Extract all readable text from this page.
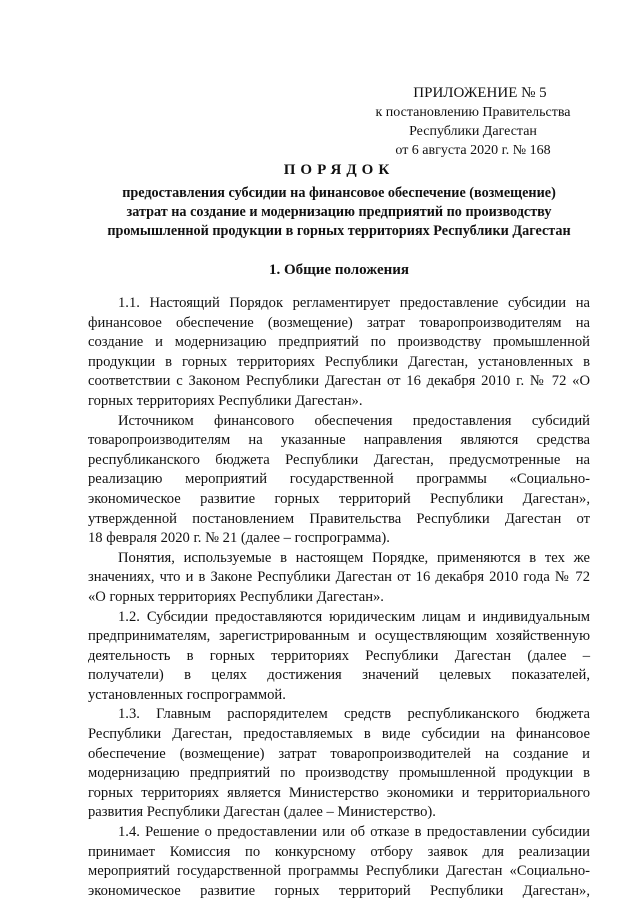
ПРИЛОЖЕНИЕ № 5
к постановлению Правительства
Республики Дагестан
от 6 августа 2020 г. № 168
ПОРЯДОК
предоставления субсидии на финансовое обеспечение (возмещение)
затрат на создание и модернизацию предприятий по производству
промышленной продукции в горных территориях Республики Дагестан
1. Общие положения
1.1. Настоящий Порядок регламентирует предоставление субсидии на
финансовое обеспечение (возмещение) затрат товаропроизводителям на
создание и модернизацию предприятий по производству промышленной
продукции в горных территориях Республики Дагестан, установленных в
соответствии с Законом Республики Дагестан от 16 декабря 2010 г. № 72 «О
горных территориях Республики Дагестан».
Источником финансового обеспечения предоставления субсидий
товаропроизводителям на указанные направления являются средства
республиканского бюджета Республики Дагестан, предусмотренные на
реализацию мероприятий государственной программы «Социально-
экономическое развитие горных территорий Республики Дагестан»,
утвержденной постановлением Правительства Республики Дагестан от
18 февраля 2020 г. № 21 (далее – госпрограмма).
Понятия, используемые в настоящем Порядке, применяются в тех же
значениях, что и в Законе Республики Дагестан от 16 декабря 2010 года № 72
«О горных территориях Республики Дагестан».
1.2. Субсидии предоставляются юридическим лицам и индивидуальным
предпринимателям, зарегистрированным и осуществляющим хозяйственную
деятельность в горных территориях Республики Дагестан (далее –
получатели) в целях достижения значений целевых показателей,
установленных госпрограммой.
1.3. Главным распорядителем средств республиканского бюджета
Республики Дагестан, предоставляемых в виде субсидии на финансовое
обеспечение (возмещение) затрат товаропроизводителей на создание и
модернизацию предприятий по производству промышленной продукции в
горных территориях является Министерство экономики и территориального
развития Республики Дагестан (далее – Министерство).
1.4. Решение о предоставлении или об отказе в предоставлении субсидии
принимает Комиссия по конкурсному отбору заявок для реализации
мероприятий государственной программы Республики Дагестан «Социально-
экономическое развитие горных территорий Республики Дагестан»,
